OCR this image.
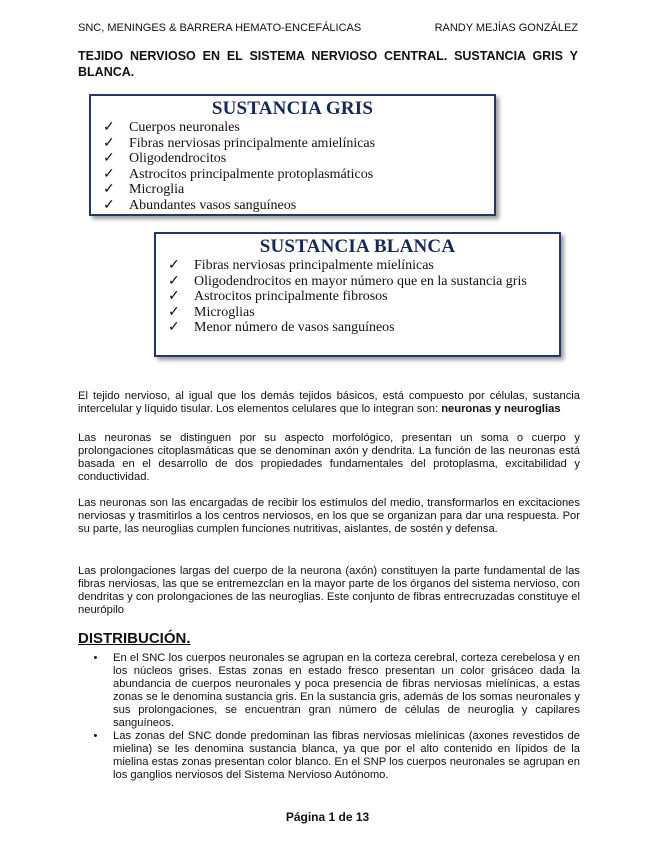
SNC, MENINGES & BARRERA HEMATO-ENCEFÁLICAS	RANDY MEJÍAS GONZÁLEZ
TEJIDO NERVIOSO EN EL SISTEMA NERVIOSO CENTRAL. SUSTANCIA GRIS Y BLANCA.
SUSTANCIA GRIS
✓	Cuerpos neuronales
✓	Fibras nerviosas principalmente amielínicas
✓	Oligodendrocitos
✓	Astrocitos principalmente protoplasmáticos
✓	Microglia
✓	Abundantes vasos sanguíneos
SUSTANCIA BLANCA
✓	Fibras nerviosas principalmente mielínicas
✓	Oligodendrocitos en mayor número que en la sustancia gris
✓	Astrocitos principalmente fibrosos
✓	Microglias
✓	Menor número de vasos sanguíneos
El tejido nervioso, al igual que los demás tejidos básicos, está compuesto por células, sustancia intercelular y líquido tisular. Los elementos celulares que lo integran son: neuronas y neuroglias
Las neuronas se distinguen por su aspecto morfológico, presentan un soma o cuerpo y prolongaciones citoplasmáticas que se denominan axón y dendrita. La función de las neuronas está basada en el desarrollo de dos propiedades fundamentales del protoplasma, excitabilidad y conductividad.
Las neuronas son las encargadas de recibir los estímulos del medio, transformarlos en excitaciones nerviosas y trasmitirlos a los centros nerviosos, en los que se organizan para dar una respuesta. Por su parte, las neuroglias cumplen funciones nutritivas, aislantes, de sostén y defensa.
Las prolongaciones largas del cuerpo de la neurona (axón) constituyen la parte fundamental de las fibras nerviosas, las que se entremezclan en la mayor parte de los órganos del sistema nervioso, con dendritas y con prolongaciones de las neuroglias. Este conjunto de fibras entrecruzadas constituye el neurópilo
DISTRIBUCIÓN.
•	En el SNC los cuerpos neuronales se agrupan en la corteza cerebral, corteza cerebelosa y en los núcleos grises. Estas zonas en estado fresco presentan un color grisáceo dada la abundancia de cuerpos neuronales y poca presencia de fibras nerviosas mielínicas, a estas zonas se le denomina sustancia gris. En la sustancia gris, además de los somas neuronales y sus prolongaciones, se encuentran gran número de células de neuroglia y capilares sanguíneos.
•	Las zonas del SNC donde predominan las fibras nerviosas mielínicas (axones revestidos de mielina) se les denomina sustancia blanca, ya que por el alto contenido en lípidos de la mielina estas zonas presentan color blanco. En el SNP los cuerpos neuronales se agrupan en los ganglios nerviosos del Sistema Nervioso Autónomo.
Página 1 de 13
